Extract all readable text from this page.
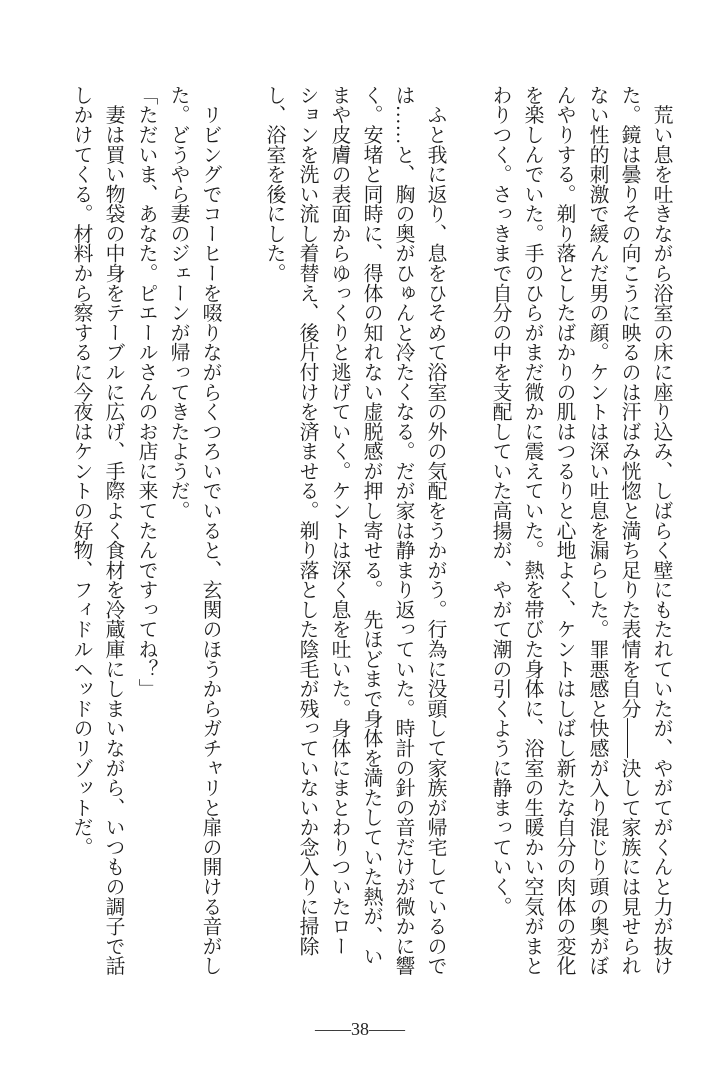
　荒い息を吐きながら浴室の床に座り込み、しばらく壁にもたれていたが、やがてがくんと力が抜け
た。鏡は曇りその向こうに映るのは汗ばみ恍惚と満ち足りた表情を自分——決して家族には見せられ
ない性的刺激で緩んだ男の顔。ケントは深い吐息を漏らした。罪悪感と快感が入り混じり頭の奥がぼ
んやりする。剃り落としたばかりの肌はつるりと心地よく、ケントはしばし新たな自分の肉体の変化
を楽しんでいた。手のひらがまだ微かに震えていた。熱を帯びた身体に、浴室の生暖かい空気がまと
わりつく。さっきまで自分の中を支配していた高揚が、やがて潮の引くように静まっていく。
　ふと我に返り、息をひそめて浴室の外の気配をうかがう。行為に没頭して家族が帰宅しているので
は……と、胸の奥がひゅんと冷たくなる。だが家は静まり返っていた。時計の針の音だけが微かに響
く。安堵と同時に、得体の知れない虚脱感が押し寄せる。　先ほどまで身体を満たしていた熱が、い
まや皮膚の表面からゆっくりと逃げていく。ケントは深く息を吐いた。身体にまとわりついたロー
ションを洗い流し着替え、後片付けを済ませる。剃り落とした陰毛が残っていないか念入りに掃除
し、浴室を後にした。
　リビングでコーヒーを啜りながらくつろいでいると、玄関のほうからガチャリと扉の開ける音がし
た。どうやら妻のジェーンが帰ってきたようだ。
「ただいま、あなた。ピエールさんのお店に来てたんですってね？」
　妻は買い物袋の中身をテーブルに広げ、手際よく食材を冷蔵庫にしまいながら、いつもの調子で話
しかけてくる。材料から察するに今夜はケントの好物、フィドルヘッドのリゾットだ。
——38——
